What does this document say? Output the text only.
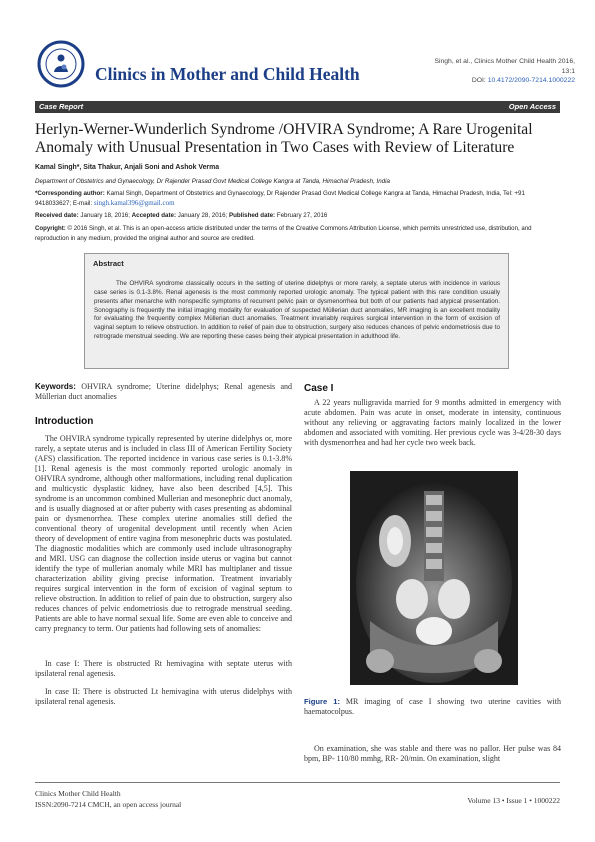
Clinics in Mother and Child Health
Singh, et al., Clinics Mother Child Health 2016,
13:1
DOI: 10.4172/2090-7214.1000222
Case Report	Open Access
Herlyn-Werner-Wunderlich Syndrome /OHVIRA Syndrome; A Rare Urogenital Anomaly with Unusual Presentation in Two Cases with Review of Literature
Kamal Singh*, Sita Thakur, Anjali Soni and Ashok Verma
Department of Obstetrics and Gynaecology, Dr Rajender Prasad Govt Medical College Kangra at Tanda, Himachal Pradesh, India
*Corresponding author: Kamal Singh, Department of Obstetrics and Gynaecology, Dr Rajender Prasad Govt Medical College Kangra at Tanda, Himachal Pradesh, India, Tel: +91 9418033627; E-mail: singh.kamal396@gmail.com
Received date: January 18, 2016; Accepted date: January 28, 2016; Published date: February 27, 2016
Copyright: © 2016 Singh, et al. This is an open-access article distributed under the terms of the Creative Commons Attribution License, which permits unrestricted use, distribution, and reproduction in any medium, provided the original author and source are credited.
Abstract
The OHVIRA syndrome classically occurs in the setting of uterine didelphys or more rarely, a septate uterus with incidence in various case series is 0.1-3.8%. Renal agenesis is the most commonly reported urologic anomaly. The typical patient with this rare condition usually presents after menarche with nonspecific symptoms of recurrent pelvic pain or dysmenorrhea but both of our patients had atypical presentation. Sonography is frequently the initial imaging modality for evaluation of suspected Müllerian duct anomalies, MR imaging is an excellent modality for evaluating the frequently complex Müllerian duct anomalies. Treatment invariably requires surgical intervention in the form of excision of vaginal septum to relieve obstruction. In addition to relief of pain due to obstruction, surgery also reduces chances of pelvic endometriosis due to retrograde menstrual seeding. We are reporting these cases being their atypical presentation in adulthood life.
Keywords: OHVIRA syndrome; Uterine didelphys; Renal agenesis and Müllerian duct anomalies
Introduction
The OHVIRA syndrome typically represented by uterine didelphys or, more rarely, a septate uterus and is included in class III of American Fertility Society (AFS) classification. The reported incidence in various case series is 0.1-3.8% [1]. Renal agenesis is the most commonly reported urologic anomaly in OHVIRA syndrome, although other malformations, including renal duplication and multicystic dysplastic kidney, have also been described [4,5]. This syndrome is an uncommon combined Mullerian and mesonephric duct anomaly, and is usually diagnosed at or after puberty with cases presenting as abdominal pain or dysmenorrhea. These complex uterine anomalies still defied the conventional theory of urogenital development until recently when Acien theory of development of entire vagina from mesonephric ducts was postulated. The diagnostic modalities which are commonly used include ultrasonography and MRI. USG can diagnose the collection inside uterus or vagina but cannot identify the type of mullerian anomaly while MRI has multiplaner and tissue characterization ability giving precise information. Treatment invariably requires surgical intervention in the form of excision of vaginal septum to relieve obstruction. In addition to relief of pain due to obstruction, surgery also reduces chances of pelvic endometriosis due to retrograde menstrual seeding. Patients are able to have normal sexual life. Some are even able to conceive and carry pregnancy to term. Our patients had following sets of anomalies:
In case I: There is obstructed Rt hemivagina with septate uterus with ipsilateral renal agenesis.
In case II: There is obstructed Lt hemivagina with uterus didelphys with ipsilateral renal agenesis.
Case I
A 22 years nulligravida married for 9 months admitted in emergency with acute abdomen. Pain was acute in onset, moderate in intensity, continuous without any relieving or aggravating factors mainly localized in the lower abdomen and associated with vomiting. Her previous cycle was 3-4/28-30 days with dysmenorrhea and had her cycle two week back.
Figure 1: MR imaging of case I showing two uterine cavities with haematocolpus.
On examination, she was stable and there was no pallor. Her pulse was 84 bpm, BP- 110/80 mmhg, RR- 20/min. On examination, slight
Clinics Mother Child Health
ISSN:2090-7214 CMCH, an open access journal	Volume 13 • Issue 1 • 1000222
